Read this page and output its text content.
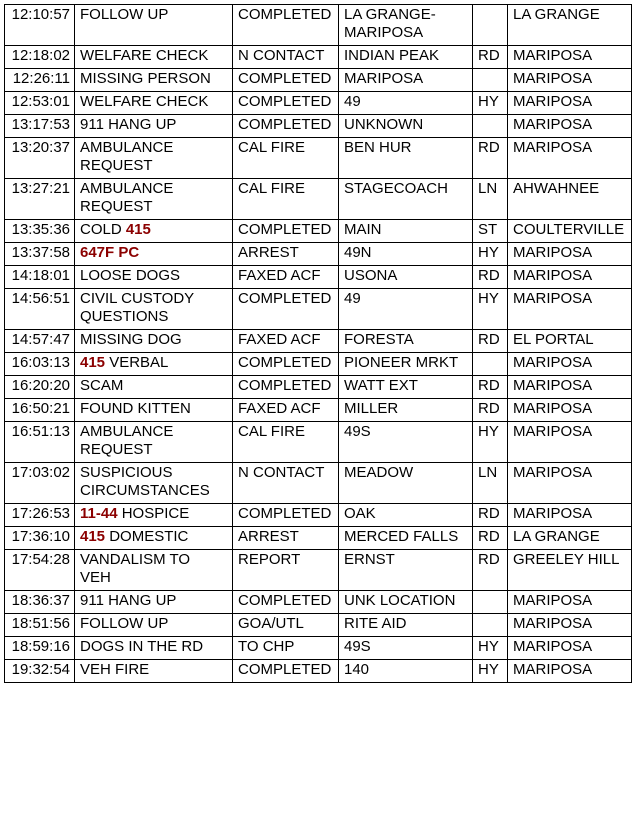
12:10:57	FOLLOW UP	COMPLETED	LA GRANGE-
MARIPOSA		LA GRANGE
12:18:02	WELFARE CHECK	N CONTACT	INDIAN PEAK	RD	MARIPOSA
12:26:11	MISSING PERSON	COMPLETED	MARIPOSA		MARIPOSA
12:53:01	WELFARE CHECK	COMPLETED	49	HY	MARIPOSA
13:17:53	911 HANG UP	COMPLETED	UNKNOWN		MARIPOSA
13:20:37	AMBULANCE
REQUEST	CAL FIRE	BEN HUR	RD	MARIPOSA
13:27:21	AMBULANCE
REQUEST	CAL FIRE	STAGECOACH	LN	AHWAHNEE
13:35:36	COLD 415	COMPLETED	MAIN	ST	COULTERVILLE
13:37:58	647F PC	ARREST	49N	HY	MARIPOSA
14:18:01	LOOSE DOGS	FAXED ACF	USONA	RD	MARIPOSA
14:56:51	CIVIL CUSTODY
QUESTIONS	COMPLETED	49	HY	MARIPOSA
14:57:47	MISSING DOG	FAXED ACF	FORESTA	RD	EL PORTAL
16:03:13	415 VERBAL	COMPLETED	PIONEER MRKT		MARIPOSA
16:20:20	SCAM	COMPLETED	WATT EXT	RD	MARIPOSA
16:50:21	FOUND KITTEN	FAXED ACF	MILLER	RD	MARIPOSA
16:51:13	AMBULANCE
REQUEST	CAL FIRE	49S	HY	MARIPOSA
17:03:02	SUSPICIOUS
CIRCUMSTANCES	N CONTACT	MEADOW	LN	MARIPOSA
17:26:53	11-44 HOSPICE	COMPLETED	OAK	RD	MARIPOSA
17:36:10	415 DOMESTIC	ARREST	MERCED FALLS	RD	LA GRANGE
17:54:28	VANDALISM TO
VEH	REPORT	ERNST	RD	GREELEY HILL
18:36:37	911 HANG UP	COMPLETED	UNK LOCATION		MARIPOSA
18:51:56	FOLLOW UP	GOA/UTL	RITE AID		MARIPOSA
18:59:16	DOGS IN THE RD	TO CHP	49S	HY	MARIPOSA
19:32:54	VEH FIRE	COMPLETED	140	HY	MARIPOSA
